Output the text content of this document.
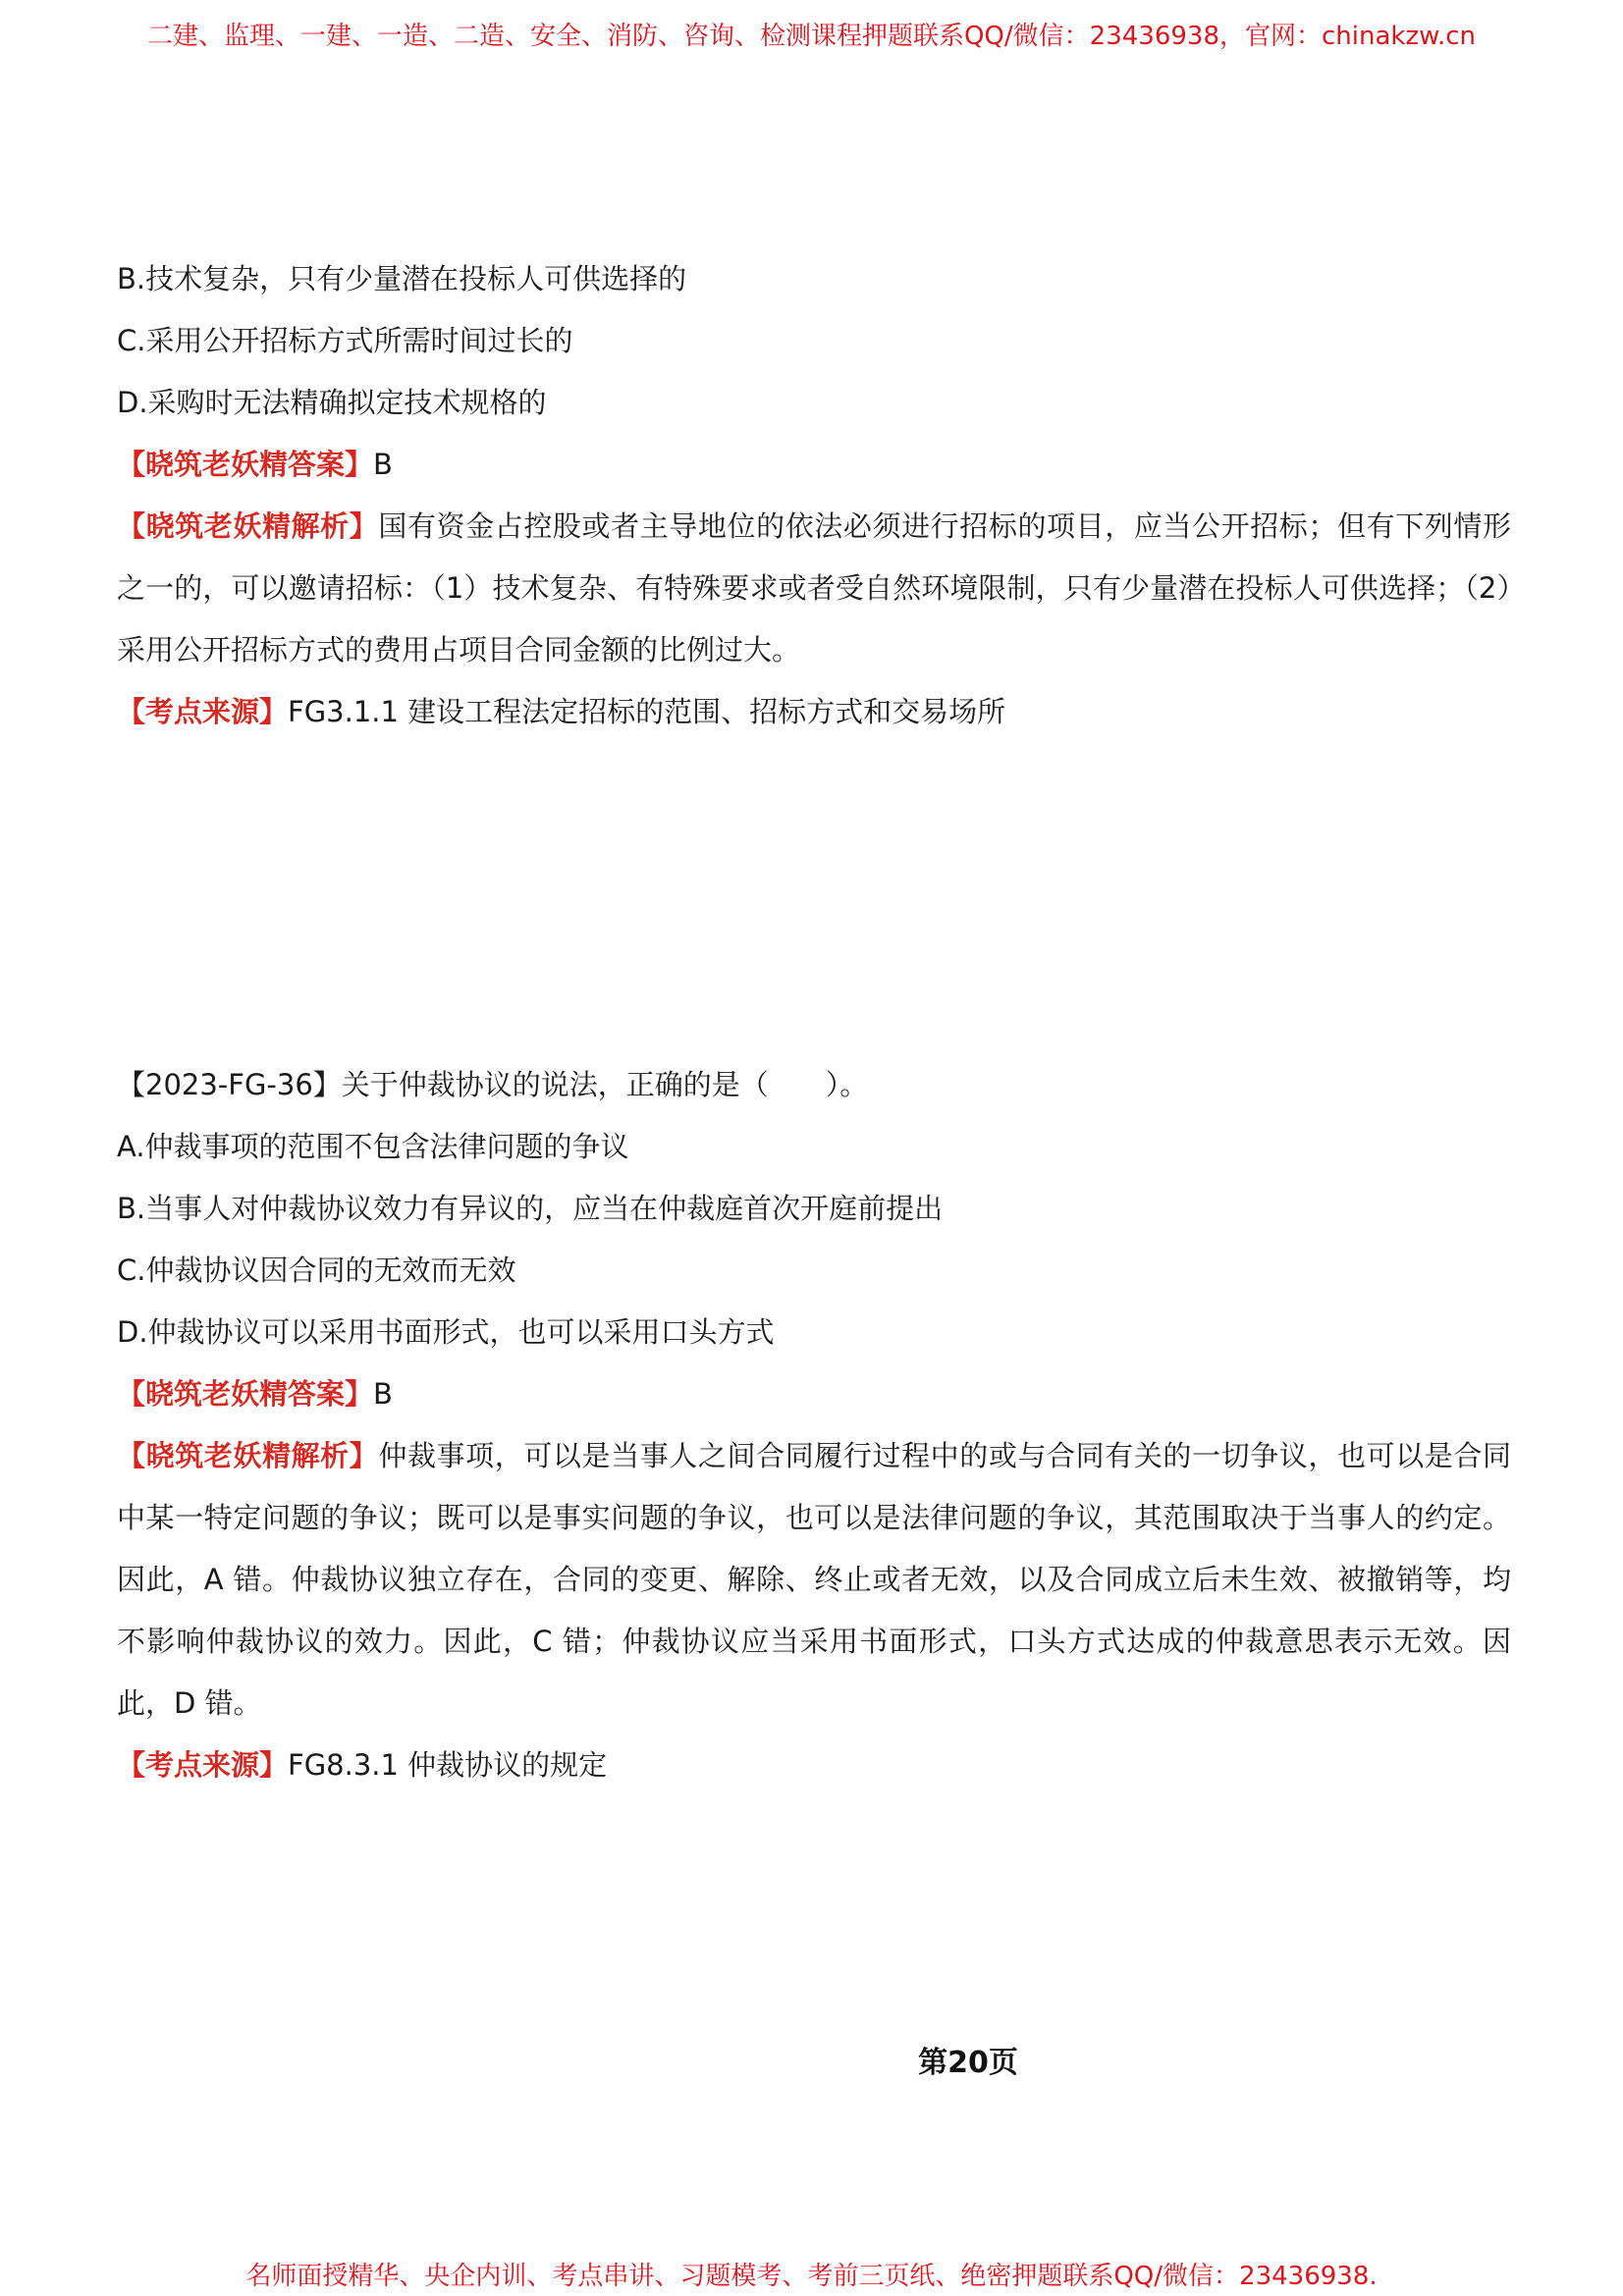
二建、监理、一建、一造、二造、安全、消防、咨询、检测课程押题联系QQ/微信：23436938，官网：chinakzw.cn
B.技术复杂，只有少量潜在投标人可供选择的
C.采用公开招标方式所需时间过长的
D.采购时无法精确拟定技术规格的
【晓筑老妖精答案】B
【晓筑老妖精解析】国有资金占控股或者主导地位的依法必须进行招标的项目，应当公开招标；但有下列情形之一的，可以邀请招标：（1）技术复杂、有特殊要求或者受自然环境限制，只有少量潜在投标人可供选择；（2）采用公开招标方式的费用占项目合同金额的比例过大。
【考点来源】FG3.1.1 建设工程法定招标的范围、招标方式和交易场所
【2023-FG-36】关于仲裁协议的说法，正确的是（　　）。
A.仲裁事项的范围不包含法律问题的争议
B.当事人对仲裁协议效力有异议的，应当在仲裁庭首次开庭前提出
C.仲裁协议因合同的无效而无效
D.仲裁协议可以采用书面形式，也可以采用口头方式
【晓筑老妖精答案】B
【晓筑老妖精解析】仲裁事项，可以是当事人之间合同履行过程中的或与合同有关的一切争议，也可以是合同中某一特定问题的争议；既可以是事实问题的争议，也可以是法律问题的争议，其范围取决于当事人的约定。因此，A 错。仲裁协议独立存在，合同的变更、解除、终止或者无效，以及合同成立后未生效、被撤销等，均不影响仲裁协议的效力。因此，C 错；仲裁协议应当采用书面形式，口头方式达成的仲裁意思表示无效。因此，D 错。
【考点来源】FG8.3.1 仲裁协议的规定
第20页
名师面授精华、央企内训、考点串讲、习题模考、考前三页纸、绝密押题联系QQ/微信：23436938.
